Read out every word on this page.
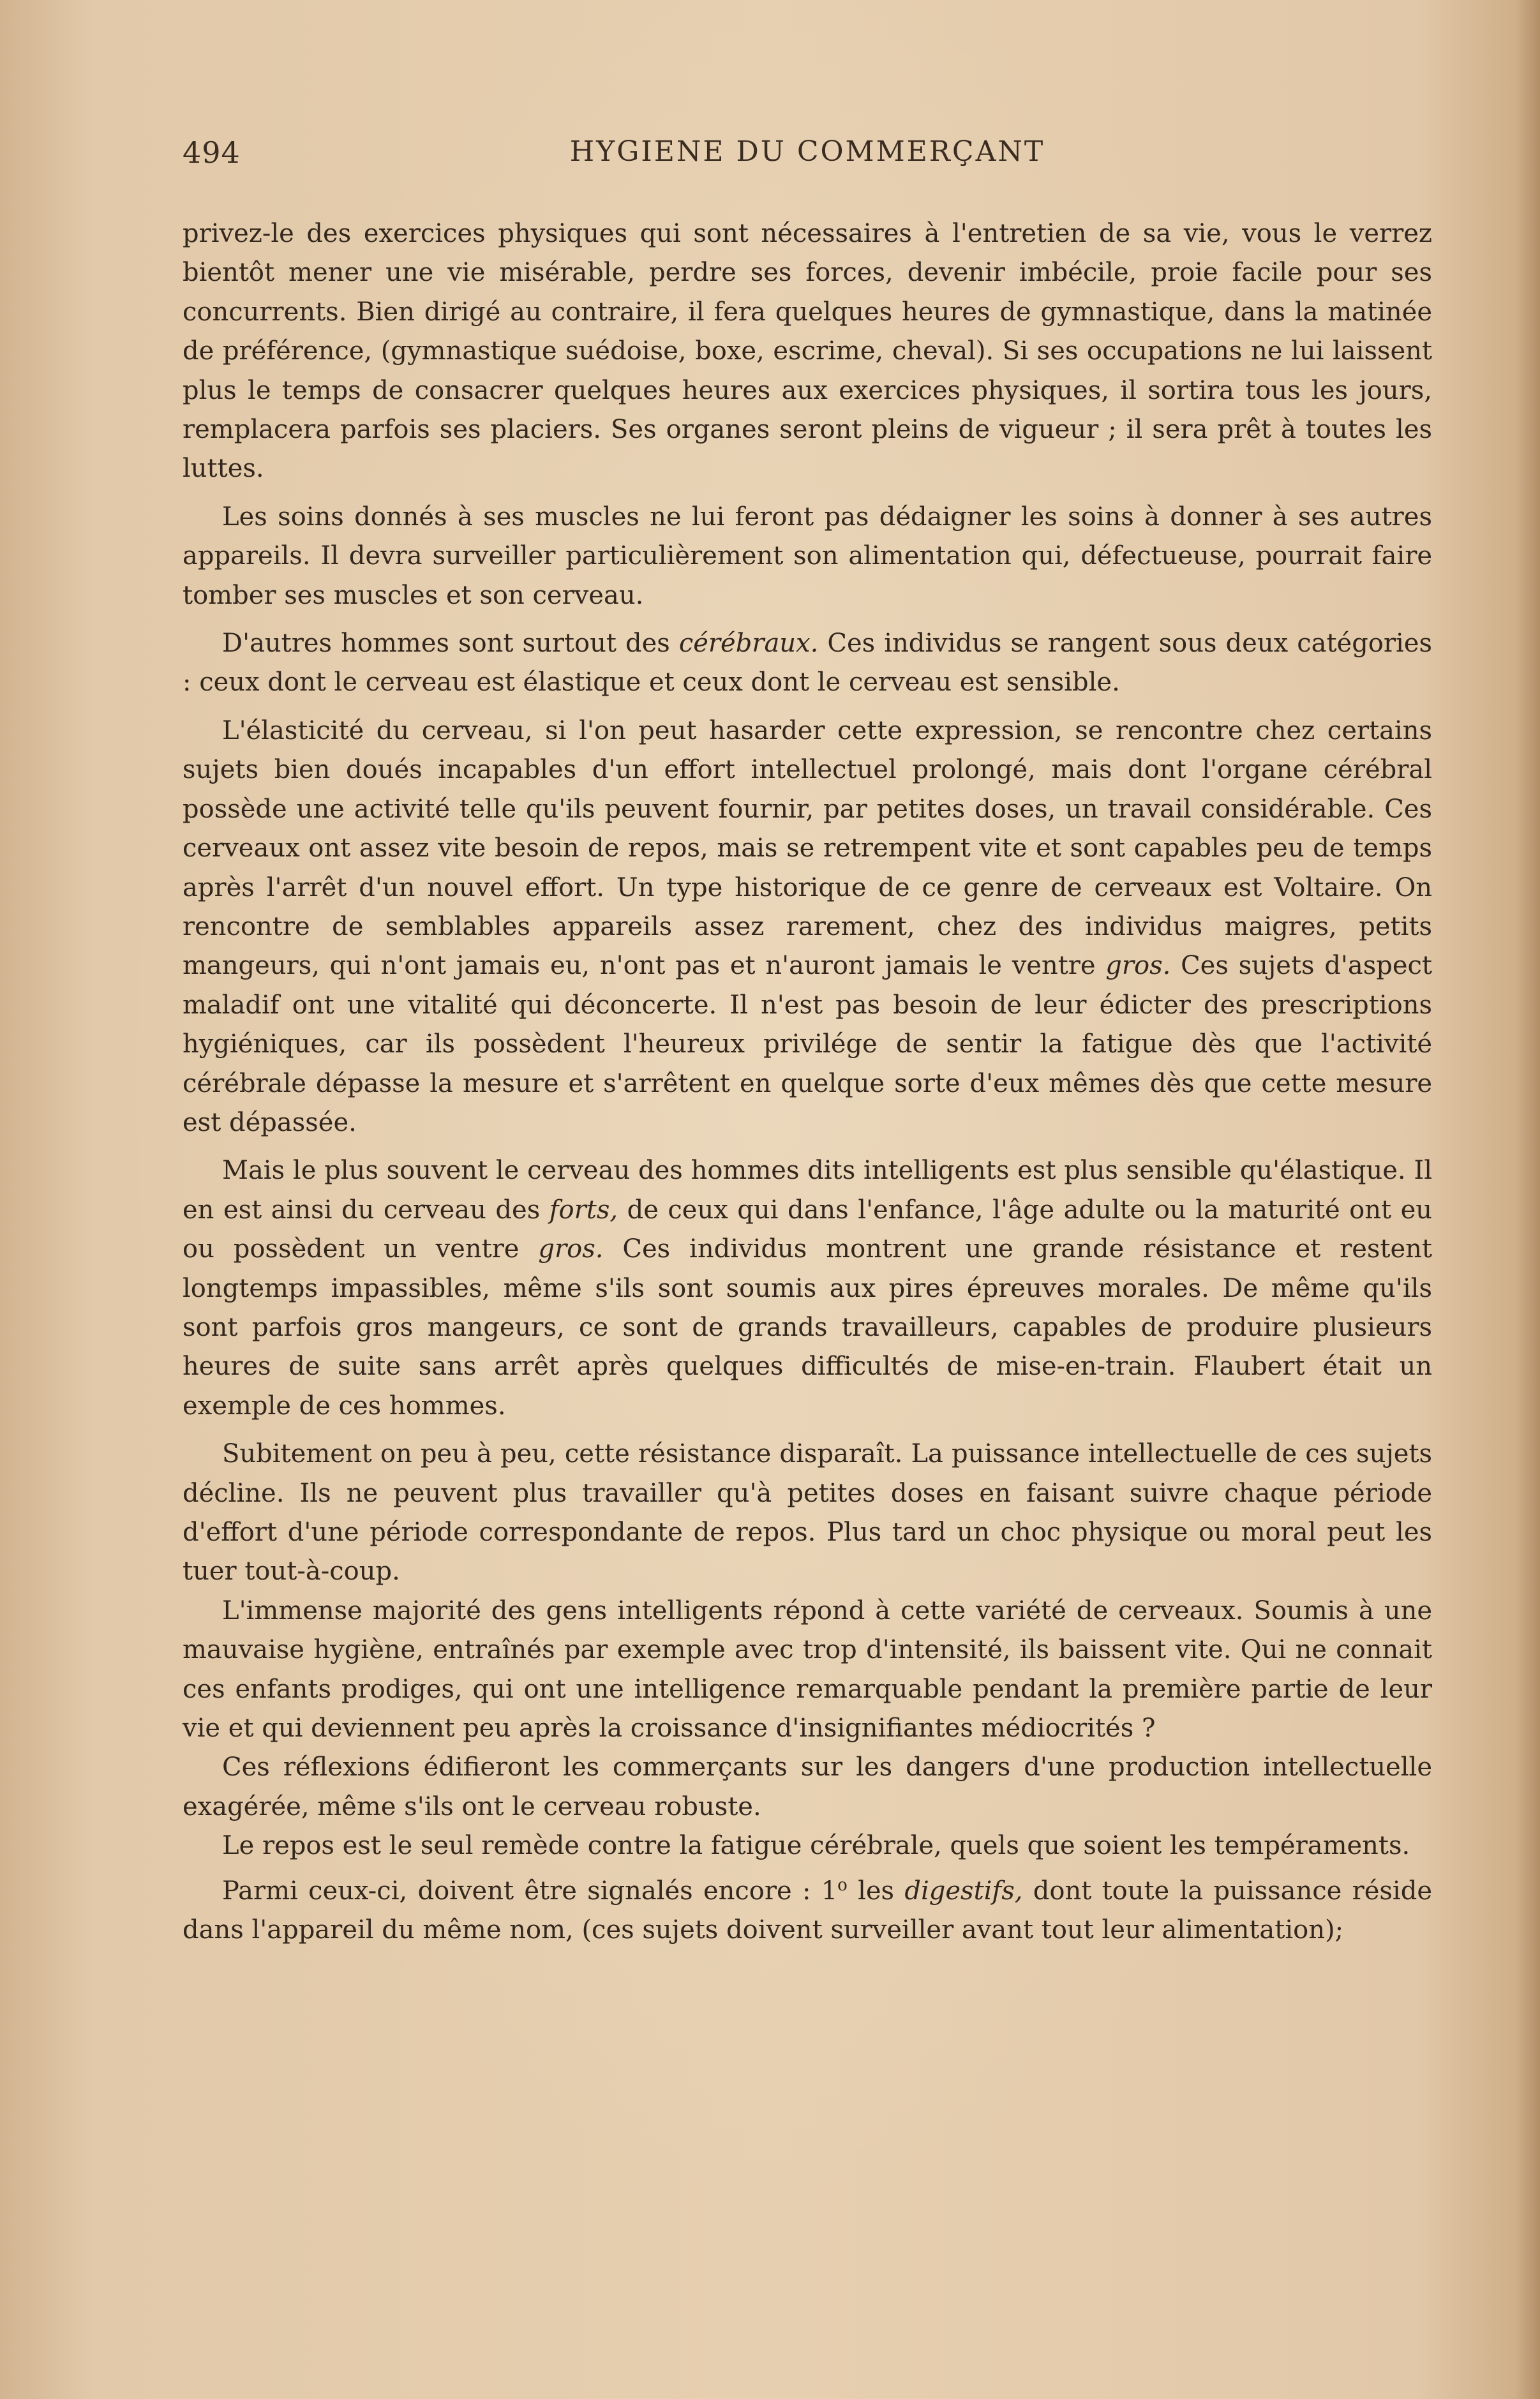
494	HYGIENE DU COMMERÇANT

privez-le des exercices physiques qui sont nécessaires à l'entretien de sa vie, vous le verrez bientôt mener une vie misérable, perdre ses forces, devenir imbécile, proie facile pour ses concurrents. Bien dirigé au contraire, il fera quelques heures de gymnastique, dans la matinée de préférence, (gymnastique suédoise, boxe, escrime, cheval). Si ses occupations ne lui laissent plus le temps de consacrer quelques heures aux exercices physiques, il sortira tous les jours, remplacera parfois ses placiers. Ses organes seront pleins de vigueur ; il sera prêt à toutes les luttes.

Les soins donnés à ses muscles ne lui feront pas dédaigner les soins à donner à ses autres appareils. Il devra surveiller particulièrement son alimentation qui, défectueuse, pourrait faire tomber ses muscles et son cerveau.

D'autres hommes sont surtout des cérébraux. Ces individus se rangent sous deux catégories : ceux dont le cerveau est élastique et ceux dont le cerveau est sensible.

L'élasticité du cerveau, si l'on peut hasarder cette expression, se rencontre chez certains sujets bien doués incapables d'un effort intellectuel prolongé, mais dont l'organe cérébral possède une activité telle qu'ils peuvent fournir, par petites doses, un travail considérable. Ces cerveaux ont assez vite besoin de repos, mais se retrempent vite et sont capables peu de temps après l'arrêt d'un nouvel effort. Un type historique de ce genre de cerveaux est Voltaire. On rencontre de semblables appareils assez rarement, chez des individus maigres, petits mangeurs, qui n'ont jamais eu, n'ont pas et n'auront jamais le ventre gros. Ces sujets d'aspect maladif ont une vitalité qui déconcerte. Il n'est pas besoin de leur édicter des prescriptions hygiéniques, car ils possèdent l'heureux privilége de sentir la fatigue dès que l'activité cérébrale dépasse la mesure et s'arrêtent en quelque sorte d'eux mêmes dès que cette mesure est dépassée.

Mais le plus souvent le cerveau des hommes dits intelligents est plus sensible qu'élastique. Il en est ainsi du cerveau des forts, de ceux qui dans l'enfance, l'âge adulte ou la maturité ont eu ou possèdent un ventre gros. Ces individus montrent une grande résistance et restent longtemps impassibles, même s'ils sont soumis aux pires épreuves morales. De même qu'ils sont parfois gros mangeurs, ce sont de grands travailleurs, capables de produire plusieurs heures de suite sans arrêt après quelques difficultés de mise-en-train. Flaubert était un exemple de ces hommes.

Subitement on peu à peu, cette résistance disparaît. La puissance intellectuelle de ces sujets décline. Ils ne peuvent plus travailler qu'à petites doses en faisant suivre chaque période d'effort d'une période correspondante de repos. Plus tard un choc physique ou moral peut les tuer tout-à-coup.

L'immense majorité des gens intelligents répond à cette variété de cerveaux. Soumis à une mauvaise hygiène, entraînés par exemple avec trop d'intensité, ils baissent vite. Qui ne connait ces enfants prodiges, qui ont une intelligence remarquable pendant la première partie de leur vie et qui deviennent peu après la croissance d'insignifiantes médiocrités ?

Ces réflexions édifieront les commerçants sur les dangers d'une production intellectuelle exagérée, même s'ils ont le cerveau robuste.

Le repos est le seul remède contre la fatigue cérébrale, quels que soient les tempéraments.

Parmi ceux-ci, doivent être signalés encore : 1$^o$ les digestifs, dont toute la puissance réside dans l'appareil du même nom, (ces sujets doivent surveiller avant tout leur alimentation);
